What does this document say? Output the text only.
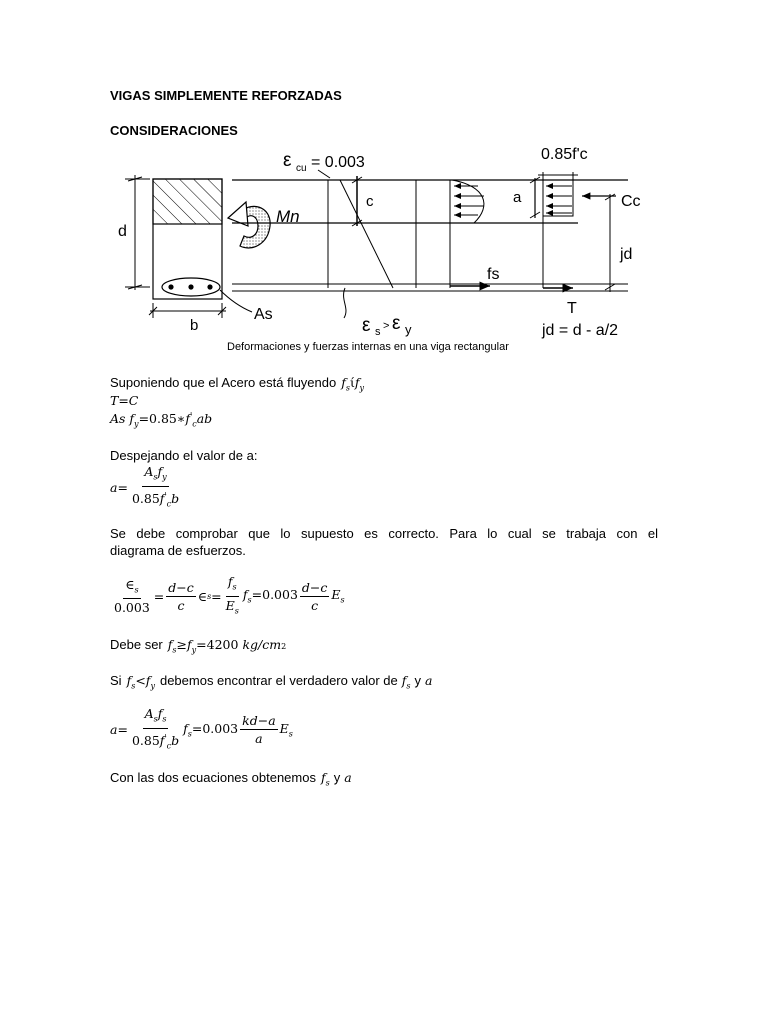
VIGAS SIMPLEMENTE REFORZADAS
CONSIDERACIONES
ε cu = 0.003	0.85f'c
c	a	Cc
d
Mn
jd
fs
T
As
b	ε s > ε y	jd = d - a/2
Deformaciones y fuerzas internas en una viga rectangular
Suponiendo que el Acero está fluyendo $f_sίf_y$
T=C
As $f_y=0.85∗f'_cab$
Despejando el valor de a:
$a= \frac{A_sf_y}{0.85f'_cb}$
Se debe comprobar que lo supuesto es correcto. Para lo cual se trabaja con el
diagrama de esfuerzos.
$\frac{\in_s}{0.003} = \frac{d-c}{c}$ ∈ $s = \frac{f_s}{E_s} f_s=0.003 \frac{d-c}{c} E_s$
Debe ser $f_s\ge f_y =4200$ kg/cm 2
Si $f_s<f_y$ debemos encontrar el verdadero valor de $f_s$ y a
$a= \frac{A_sf_s}{0.85f'_cb} f_s=0.003 \frac{kd-a}{a} E_s$
Con las dos ecuaciones obtenemos $f_s$ y a
